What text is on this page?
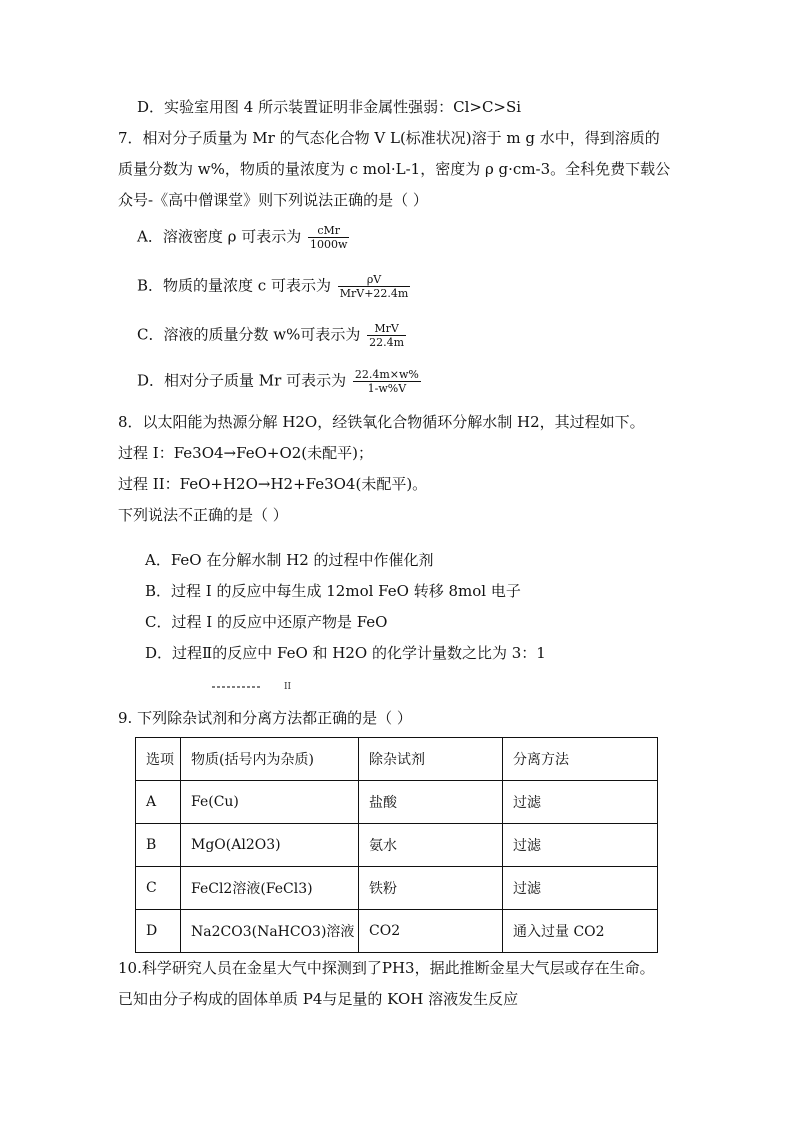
D．实验室用图 4 所示装置证明非金属性强弱：Cl>C>Si
7．相对分子质量为 Mr 的气态化合物 V L(标准状况)溶于 m g 水中，得到溶质的
质量分数为 w%，物质的量浓度为 c mol·L-1，密度为 ρ g·cm-3。全科免费下载公
众号-《高中僧课堂》则下列说法正确的是（ ）
A．溶液密度 ρ 可表示为 $\frac{\text{cMr}}{1000w}$
B．物质的量浓度 c 可表示为 $\frac{\rho V}{\text{MrV+22.4m}}$
C．溶液的质量分数 w%可表示为 $\frac{\text{MrV}}{22.4m}$
D．相对分子质量 Mr 可表示为 $\frac{22.4m\times w\%}{1-w\%V}$
8．以太阳能为热源分解 H2O，经铁氧化合物循环分解水制 H2，其过程如下。
过程 I：Fe3O4→FeO+O2(未配平)；
过程 II：FeO+H2O→H2+Fe3O4(未配平)。
下列说法不正确的是（ ）
A．FeO 在分解水制 H2 的过程中作催化剂
B．过程 I 的反应中每生成 12mol FeO 转移 8mol 电子
C．过程 I 的反应中还原产物是 FeO
D．过程Ⅱ的反应中 FeO 和 H2O 的化学计量数之比为 3：1
II
9. 下列除杂试剂和分离方法都正确的是（ ）
选项	物质(括号内为杂质)	除杂试剂	分离方法
A	Fe(Cu)	盐酸	过滤
B	MgO(Al2O3)	氨水	过滤
C	FeCl2溶液(FeCl3)	铁粉	过滤
D	Na2CO3(NaHCO3)溶液	CO2	通入过量 CO2
10.科学研究人员在金星大气中探测到了PH3，据此推断金星大气层或存在生命。
已知由分子构成的固体单质 P4与足量的 KOH 溶液发生反应
